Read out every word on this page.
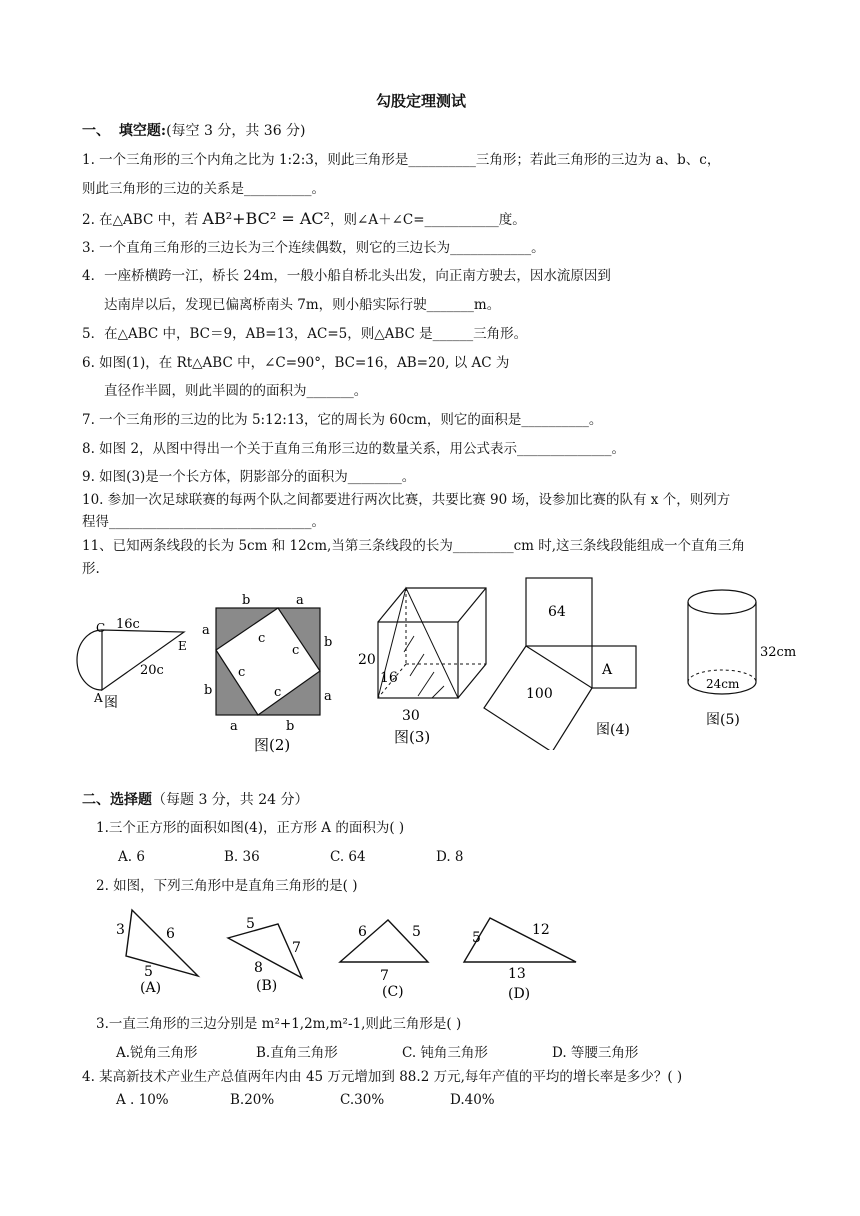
勾股定理测试
一、 填空题:(每空 3 分，共 36 分)
1. 一个三角形的三个内角之比为 1:2:3，则此三角形是__________三角形；若此三角形的三边为 a、b、c，
则此三角形的三边的关系是__________。
2. 在△ABC 中，若 AB²+BC² = AC²，则∠A＋∠C=___________度。
3. 一个直角三角形的三边长为三个连续偶数，则它的三边长为____________。
4．一座桥横跨一江，桥长 24m，一般小船自桥北头出发，向正南方驶去，因水流原因到
达南岸以后，发现已偏离桥南头 7m，则小船实际行驶_______m。
5．在△ABC 中，BC＝9，AB=13，AC=5，则△ABC 是______三角形。
6. 如图(1)，在 Rt△ABC 中，∠C=90°，BC=16，AB=20, 以 AC 为
直径作半圆，则此半圆的的面积为_______。
7. 一个三角形的三边的比为 5:12:13，它的周长为 60cm，则它的面积是__________。
8. 如图 2，从图中得出一个关于直角三角形三边的数量关系，用公式表示______________。
9. 如图(3)是一个长方体，阴影部分的面积为________。
10. 参加一次足球联赛的每两个队之间都要进行两次比赛，共要比赛 90 场，设参加比赛的队有 x 个，则列方
程得______________________________。
11、已知两条线段的长为 5cm 和 12cm,当第三条线段的长为_________cm 时,这三条线段能组成一个直角三角
形.
C 16c
E
20c
A 图
b	a
a
b
b
a
a	b
c
c
c
c
图(2)
20
16
30
图(3)
64
A
100
图(4)
32cm
24cm
图(5)
二、选择题（每题 3 分，共 24 分）
1.三个正方形的面积如图(4)，正方形 A 的面积为( )
A. 6	B. 36	C. 64	D. 8
2. 如图，下列三角形中是直角三角形的是( )
3	6
5
(A)
5
7
8
(B)
6	5
7
(C)
5	12
13
(D)
3.一直三角形的三边分别是 m²+1,2m,m²-1,则此三角形是( )
A.锐角三角形	B.直角三角形	C. 钝角三角形	D. 等腰三角形
4. 某高新技术产业生产总值两年内由 45 万元增加到 88.2 万元,每年产值的平均的增长率是多少？( )
A . 10%	B.20%	C.30%	D.40%
